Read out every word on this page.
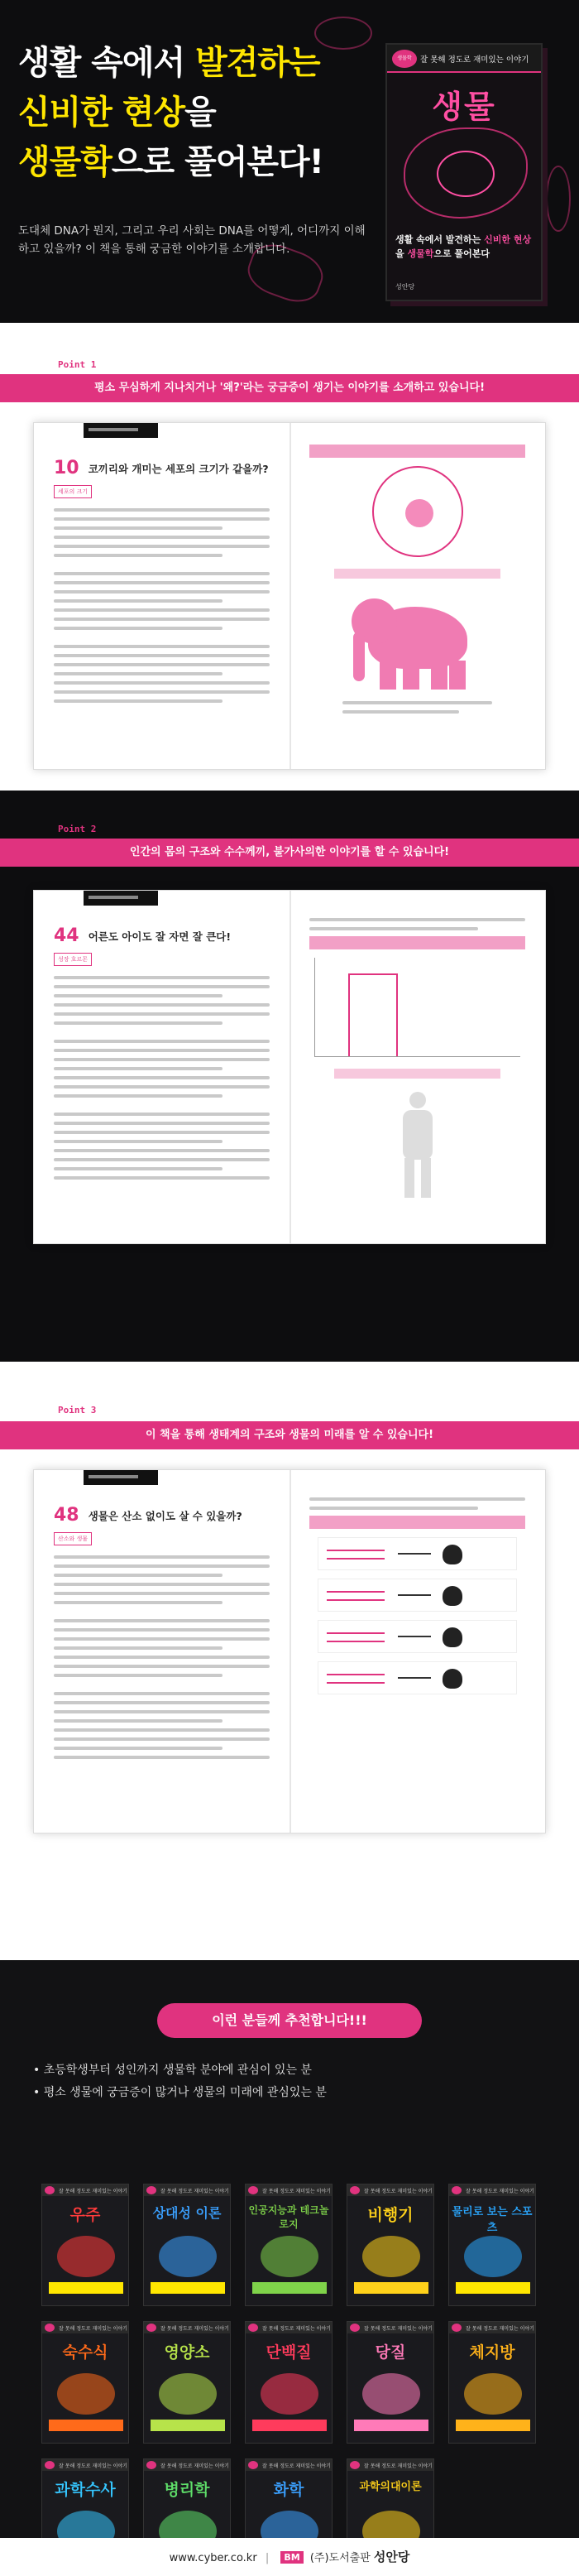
생활 속에서 발견하는
신비한 현상을
생물학으로 풀어본다!

도대체 DNA가 뭔지, 그리고 우리 사회는 DNA를 어떻게, 어디까지 이해하고 있을까? 이 책을 통해 궁금한 이야기를 소개합니다.

생물학	잘 못해 정도로 재미있는 이야기
생물
생활 속에서 발견하는 신비한 현상을 생물학으로 풀어본다
성안당
Point 1
평소 무심하게 지나치거나 '왜?'라는 궁금증이 생기는 이야기를 소개하고 있습니다!
10 코끼리와 개미는 세포의 크기가 같을까?
세포의 크기
Point 2
인간의 몸의 구조와 수수께끼, 불가사의한 이야기를 할 수 있습니다!
44 어른도 아이도 잘 자면 잘 큰다!
성장 호르몬
Point 3
이 책을 통해 생태계의 구조와 생물의 미래를 알 수 있습니다!
48 생물은 산소 없이도 살 수 있을까?
산소와 생물
이런 분들께 추천합니다!!!
• 초등학생부터 성인까지 생물학 분야에 관심이 있는 분
• 평소 생물에 궁금증이 많거나 생물의 미래에 관심있는 분
잘 못해 정도로 재미있는 이야기
우주
잘 못해 정도로 재미있는 이야기
상대성 이론
잘 못해 정도로 재미있는 이야기
인공지능과 테크놀로지
잘 못해 정도로 재미있는 이야기
비행기
잘 못해 정도로 재미있는 이야기
물리로 보는 스포츠
잘 못해 정도로 재미있는 이야기
숙수식
잘 못해 정도로 재미있는 이야기
영양소
잘 못해 정도로 재미있는 이야기
단백질
잘 못해 정도로 재미있는 이야기
당질
잘 못해 정도로 재미있는 이야기
체지방
잘 못해 정도로 재미있는 이야기
과학수사
잘 못해 정도로 재미있는 이야기
병리학
잘 못해 정도로 재미있는 이야기
화학
잘 못해 정도로 재미있는 이야기
과학의대이론
www.cyber.co.kr | BM (주)도서출판 성안당
